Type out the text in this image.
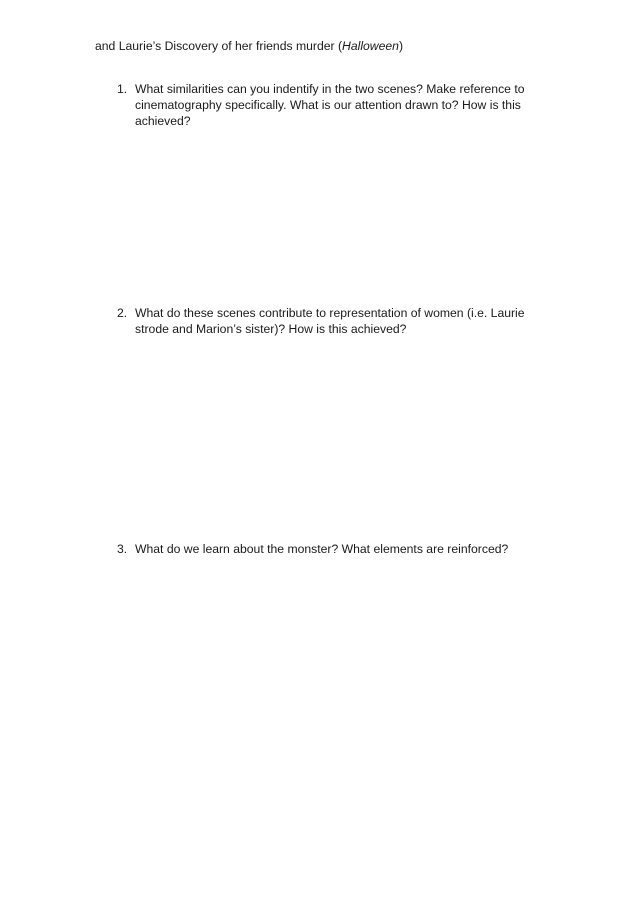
and Laurie’s Discovery of her friends murder (Halloween)
1. What similarities can you indentify in the two scenes? Make reference to cinematography specifically. What is our attention drawn to? How is this achieved?
2. What do these scenes contribute to representation of women (i.e. Laurie strode and Marion’s sister)? How is this achieved?
3. What do we learn about the monster? What elements are reinforced?
